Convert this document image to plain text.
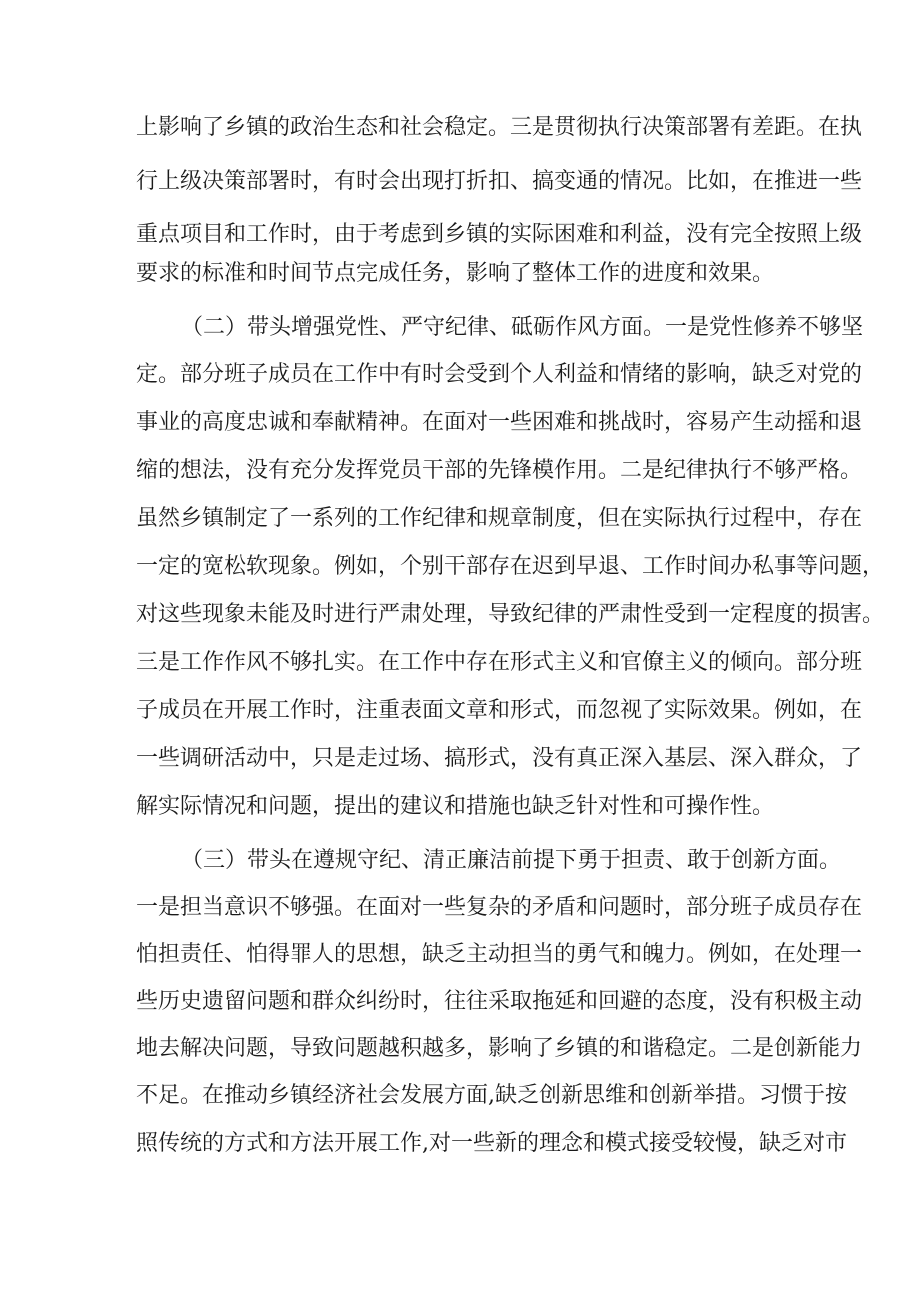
上影响了乡镇的政治生态和社会稳定。三是贯彻执行决策部署有差距。在执
行上级决策部署时，有时会出现打折扣、搞变通的情况。比如，在推进一些
重点项目和工作时，由于考虑到乡镇的实际困难和利益，没有完全按照上级
要求的标准和时间节点完成任务，影响了整体工作的进度和效果。
（二）带头增强党性、严守纪律、砥砺作风方面。一是党性修养不够坚
定。部分班子成员在工作中有时会受到个人利益和情绪的影响，缺乏对党的
事业的高度忠诚和奉献精神。在面对一些困难和挑战时，容易产生动摇和退
缩的想法，没有充分发挥党员干部的先锋模作用。二是纪律执行不够严格。
虽然乡镇制定了一系列的工作纪律和规章制度，但在实际执行过程中，存在
一定的宽松软现象。例如，个别干部存在迟到早退、工作时间办私事等问题，
对这些现象未能及时进行严肃处理，导致纪律的严肃性受到一定程度的损害。
三是工作作风不够扎实。在工作中存在形式主义和官僚主义的倾向。部分班
子成员在开展工作时，注重表面文章和形式，而忽视了实际效果。例如，在
一些调研活动中，只是走过场、搞形式，没有真正深入基层、深入群众，了
解实际情况和问题，提出的建议和措施也缺乏针对性和可操作性。
（三）带头在遵规守纪、清正廉洁前提下勇于担责、敢于创新方面。
一是担当意识不够强。在面对一些复杂的矛盾和问题时，部分班子成员存在
怕担责任、怕得罪人的思想，缺乏主动担当的勇气和魄力。例如，在处理一
些历史遗留问题和群众纠纷时，往往采取拖延和回避的态度，没有积极主动
地去解决问题，导致问题越积越多，影响了乡镇的和谐稳定。二是创新能力
不足。在推动乡镇经济社会发展方面,缺乏创新思维和创新举措。习惯于按
照传统的方式和方法开展工作,对一些新的理念和模式接受较慢，缺乏对市
